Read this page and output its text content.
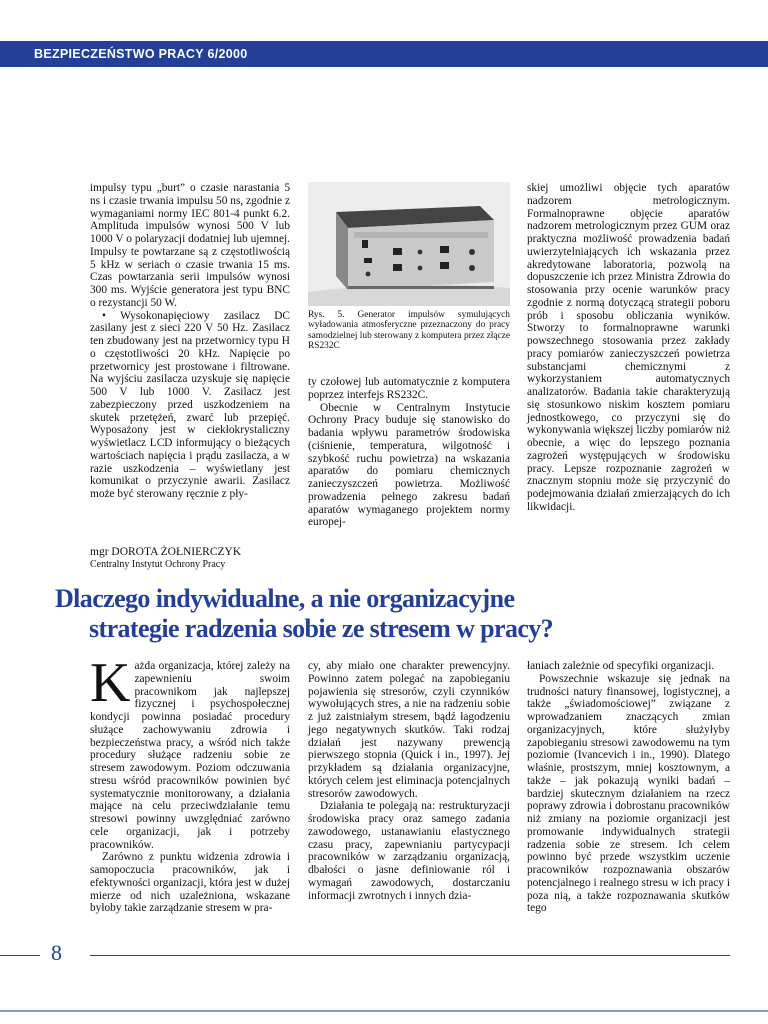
BEZPIECZEŃSTWO PRACY 6/2000

impulsy typu „burt” o czasie narastania 5 ns i czasie trwania impulsu 50 ns, zgodnie z wymaganiami normy IEC 801-4 punkt 6.2. Amplituda impulsów wynosi 500 V lub 1000 V o polaryzacji dodatniej lub ujemnej. Impulsy te powtarzane są z częstotliwością 5 kHz w seriach o czasie trwania 15 ms. Czas powtarzania serii impulsów wynosi 300 ms. Wyjście generatora jest typu BNC o rezystancji 50 W.

• Wysokonapięciowy zasilacz DC zasilany jest z sieci 220 V 50 Hz. Zasilacz ten zbudowany jest na przetwornicy typu H o częstotliwości 20 kHz. Napięcie po przetwornicy jest prostowane i filtrowane. Na wyjściu zasilacza uzyskuje się napięcie 500 V lub 1000 V. Zasilacz jest zabezpieczony przed uszkodzeniem na skutek przetężeń, zwarć lub przepięć. Wyposażony jest w ciekłokrystaliczny wyświetlacz LCD informujący o bieżących wartościach napięcia i prądu zasilacza, a w razie uszkodzenia – wyświetlany jest komunikat o przyczynie awarii. Zasilacz może być sterowany ręcznie z pły-

Rys. 5. Generator impulsów symulujących wyładowania atmosferyczne przeznaczony do pracy samodzielnej lub sterowany z komputera przez złącze RS232C

ty czołowej lub automatycznie z komputera poprzez interfejs RS232C.

Obecnie w Centralnym Instytucie Ochrony Pracy buduje się stanowisko do badania wpływu parametrów środowiska (ciśnienie, temperatura, wilgotność i szybkość ruchu powietrza) na wskazania aparatów do pomiaru chemicznych zanieczyszczeń powietrza. Możliwość prowadzenia pełnego zakresu badań aparatów wymaganego projektem normy europej-

skiej umożliwi objęcie tych aparatów nadzorem metrologicznym. Formalnoprawne objęcie aparatów nadzorem metrologicznym przez GUM oraz praktyczna możliwość prowadzenia badań uwierzytelniających ich wskazania przez akredytowane laboratoria, pozwolą na dopuszczenie ich przez Ministra Zdrowia do stosowania przy ocenie warunków pracy zgodnie z normą dotyczącą strategii poboru prób i sposobu obliczania wyników. Stworzy to formalnoprawne warunki powszechnego stosowania przez zakłady pracy pomiarów zanieczyszczeń powietrza substancjami chemicznymi z wykorzystaniem automatycznych analizatorów. Badania takie charakteryzują się stosunkowo niskim kosztem pomiaru jednostkowego, co przyczyni się do wykonywania większej liczby pomiarów niż obecnie, a więc do lepszego poznania zagrożeń występujących w środowisku pracy. Lepsze rozpoznanie zagrożeń w znacznym stopniu może się przyczynić do podejmowania działań zmierzających do ich likwidacji.

mgr DOROTA ŻOŁNIERCZYK
Centralny Instytut Ochrony Pracy
Dlaczego indywidualne, a nie organizacyjne
strategie radzenia sobie ze stresem w pracy?

Każda organizacja, której zależy na zapewnieniu swoim pracownikom jak najlepszej fizycznej i psychospołecznej kondycji powinna posiadać procedury służące zachowywaniu zdrowia i bezpieczeństwa pracy, a wśród nich także procedury służące radzeniu sobie ze stresem zawodowym. Poziom odczuwania stresu wśród pracowników powinien być systematycznie monitorowany, a działania mające na celu przeciwdziałanie temu stresowi powinny uwzględniać zarówno cele organizacji, jak i potrzeby pracowników.

Zarówno z punktu widzenia zdrowia i samopoczucia pracowników, jak i efektywności organizacji, która jest w dużej mierze od nich uzależniona, wskazane byłoby takie zarządzanie stresem w pra-

cy, aby miało one charakter prewencyjny. Powinno zatem polegać na zapobieganiu pojawienia się stresorów, czyli czynników wywołujących stres, a nie na radzeniu sobie z już zaistniałym stresem, bądź łagodzeniu jego negatywnych skutków. Taki rodzaj działań jest nazywany prewencją pierwszego stopnia (Quick i in., 1997). Jej przykładem są działania organizacyjne, których celem jest eliminacja potencjalnych stresorów zawodowych.

Działania te polegają na: restrukturyzacji środowiska pracy oraz samego zadania zawodowego, ustanawianiu elastycznego czasu pracy, zapewnianiu partycypacji pracowników w zarządzaniu organizacją, dbałości o jasne definiowanie ról i wymagań zawodowych, dostarczaniu informacji zwrotnych i innych dzia-

łaniach zależnie od specyfiki organizacji.

Powszechnie wskazuje się jednak na trudności natury finansowej, logistycznej, a także „świadomościowej” związane z wprowadzaniem znaczących zmian organizacyjnych, które służyłyby zapobieganiu stresowi zawodowemu na tym poziomie (Ivancevich i in., 1990). Dlatego właśnie, prostszym, mniej kosztownym, a także – jak pokazują wyniki badań – bardziej skutecznym działaniem na rzecz poprawy zdrowia i dobrostanu pracowników niż zmiany na poziomie organizacji jest promowanie indywidualnych strategii radzenia sobie ze stresem. Ich celem powinno być przede wszystkim uczenie pracowników rozpoznawania obszarów potencjalnego i realnego stresu w ich pracy i poza nią, a także rozpoznawania skutków tego

8
